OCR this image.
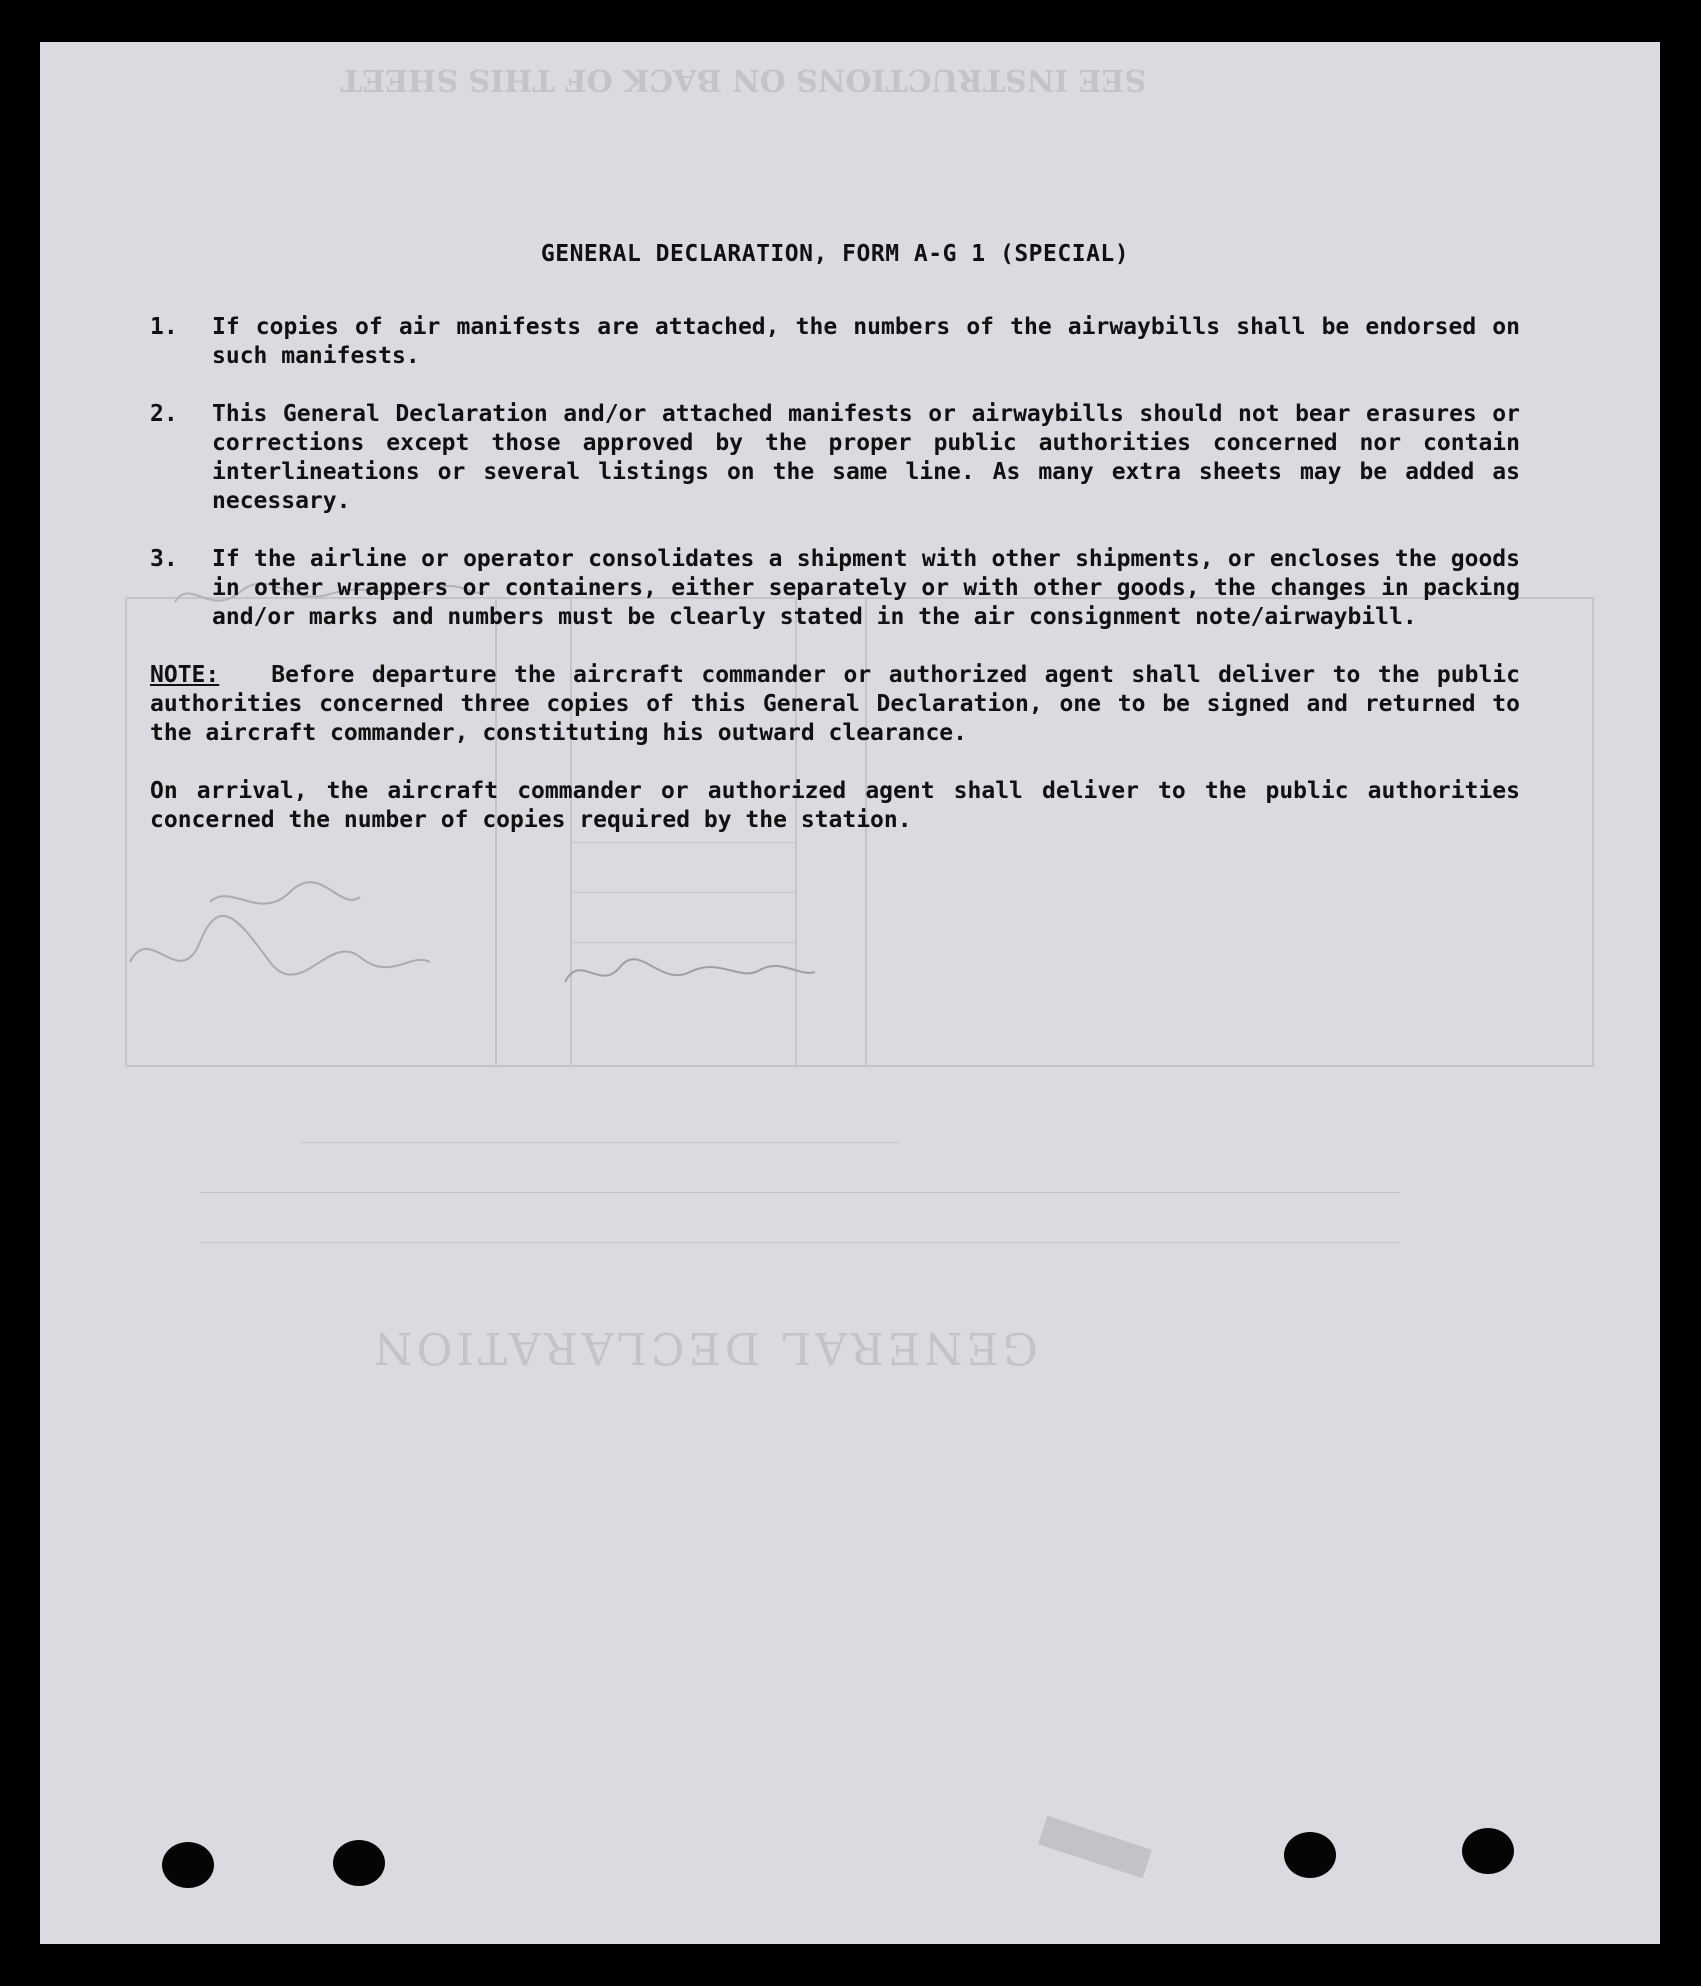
GENERAL DECLARATION
SEE INSTRUCTIONS ON BACK OF THIS SHEET
GENERAL DECLARATION, FORM A-G 1 (SPECIAL)
1.	If copies of air manifests are attached, the numbers of the airwaybills shall be endorsed on such manifests.

2.	This General Declaration and/or attached manifests or airwaybills should not bear erasures or corrections except those approved by the proper public authorities concerned nor contain interlineations or several listings on the same line. As many extra sheets may be added as necessary.

3.	If the airline or operator consolidates a shipment with other shipments, or encloses the goods in other wrappers or containers, either separately or with other goods, the changes in packing and/or marks and numbers must be clearly stated in the air consignment note/airwaybill.

NOTE: Before departure the aircraft commander or authorized agent shall deliver to the public authorities concerned three copies of this General Declaration, one to be signed and returned to the aircraft commander, constituting his outward clearance.

On arrival, the aircraft commander or authorized agent shall deliver to the public authorities concerned the number of copies required by the station.
